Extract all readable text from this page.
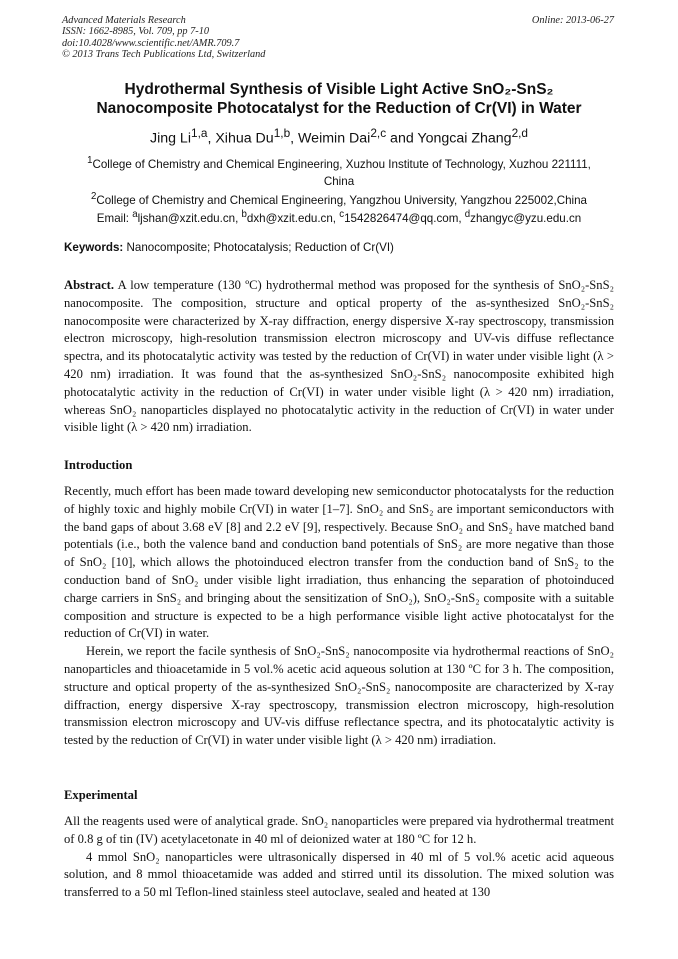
Advanced Materials Research
ISSN: 1662-8985, Vol. 709, pp 7-10
doi:10.4028/www.scientific.net/AMR.709.7
© 2013 Trans Tech Publications Ltd, Switzerland
Online: 2013-06-27
Hydrothermal Synthesis of Visible Light Active SnO₂-SnS₂
Nanocomposite Photocatalyst for the Reduction of Cr(VI) in Water
Jing Li$^{1,a}$, Xihua Du$^{1,b}$, Weimin Dai$^{2,c}$ and Yongcai Zhang$^{2,d}$
$^1$College of Chemistry and Chemical Engineering, Xuzhou Institute of Technology, Xuzhou 221111,
China
$^2$College of Chemistry and Chemical Engineering, Yangzhou University, Yangzhou 225002,China
Email: $^a$ljshan@xzit.edu.cn, $^b$dxh@xzit.edu.cn, $^c$1542826474@qq.com, $^d$zhangyc@yzu.edu.cn
Keywords: Nanocomposite; Photocatalysis; Reduction of Cr(VI)

Abstract. A low temperature (130 ºC) hydrothermal method was proposed for the synthesis of SnO₂-SnS₂ nanocomposite. The composition, structure and optical property of the as-synthesized SnO₂-SnS₂ nanocomposite were characterized by X-ray diffraction, energy dispersive X-ray spectroscopy, transmission electron microscopy, high-resolution transmission electron microscopy and UV-vis diffuse reflectance spectra, and its photocatalytic activity was tested by the reduction of Cr(VI) in water under visible light (λ > 420 nm) irradiation. It was found that the as-synthesized SnO₂-SnS₂ nanocomposite exhibited high photocatalytic activity in the reduction of Cr(VI) in water under visible light (λ > 420 nm) irradiation, whereas SnO₂ nanoparticles displayed no photocatalytic activity in the reduction of Cr(VI) in water under visible light (λ > 420 nm) irradiation.

Introduction

Recently, much effort has been made toward developing new semiconductor photocatalysts for the reduction of highly toxic and highly mobile Cr(VI) in water [1–7]. SnO₂ and SnS₂ are important semiconductors with the band gaps of about 3.68 eV [8] and 2.2 eV [9], respectively. Because SnO₂ and SnS₂ have matched band potentials (i.e., both the valence band and conduction band potentials of SnS₂ are more negative than those of SnO₂ [10], which allows the photoinduced electron transfer from the conduction band of SnS₂ to the conduction band of SnO₂ under visible light irradiation, thus enhancing the separation of photoinduced charge carriers in SnS₂ and bringing about the sensitization of SnO₂), SnO₂-SnS₂ composite with a suitable composition and structure is expected to be a high performance visible light active photocatalyst for the reduction of Cr(VI) in water.

Herein, we report the facile synthesis of SnO₂-SnS₂ nanocomposite via hydrothermal reactions of SnO₂ nanoparticles and thioacetamide in 5 vol.% acetic acid aqueous solution at 130 ºC for 3 h. The composition, structure and optical property of the as-synthesized SnO₂-SnS₂ nanocomposite are characterized by X-ray diffraction, energy dispersive X-ray spectroscopy, transmission electron microscopy, high-resolution transmission electron microscopy and UV-vis diffuse reflectance spectra, and its photocatalytic activity is tested by the reduction of Cr(VI) in water under visible light (λ > 420 nm) irradiation.

Experimental

All the reagents used were of analytical grade. SnO₂ nanoparticles were prepared via hydrothermal treatment of 0.8 g of tin (IV) acetylacetonate in 40 ml of deionized water at 180 ºC for 12 h.

4 mmol SnO₂ nanoparticles were ultrasonically dispersed in 40 ml of 5 vol.% acetic acid aqueous solution, and 8 mmol thioacetamide was added and stirred until its dissolution. The mixed solution was transferred to a 50 ml Teflon-lined stainless steel autoclave, sealed and heated at 130
